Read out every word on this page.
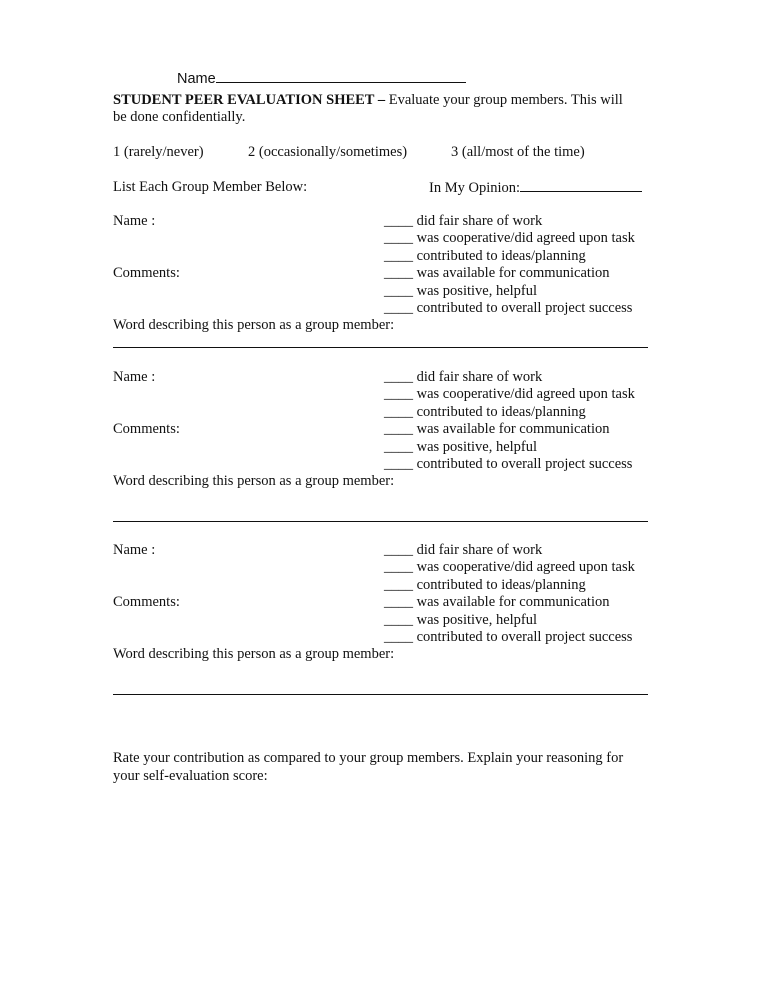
Name
STUDENT PEER EVALUATION SHEET – Evaluate your group members. This will
be done confidentially.
1 (rarely/never)	2 (occasionally/sometimes)	3 (all/most of the time)
List Each Group Member Below:	In My Opinion:
Name :
Comments:
____ did fair share of work
____ was cooperative/did agreed upon task
____ contributed to ideas/planning
____ was available for communication
____ was positive, helpful
____ contributed to overall project success
Word describing this person as a group member:
Name :
Comments:
____ did fair share of work
____ was cooperative/did agreed upon task
____ contributed to ideas/planning
____ was available for communication
____ was positive, helpful
____ contributed to overall project success
Word describing this person as a group member:
Name :
Comments:
____ did fair share of work
____ was cooperative/did agreed upon task
____ contributed to ideas/planning
____ was available for communication
____ was positive, helpful
____ contributed to overall project success
Word describing this person as a group member:
Rate your contribution as compared to your group members. Explain your reasoning for
your self-evaluation score:
